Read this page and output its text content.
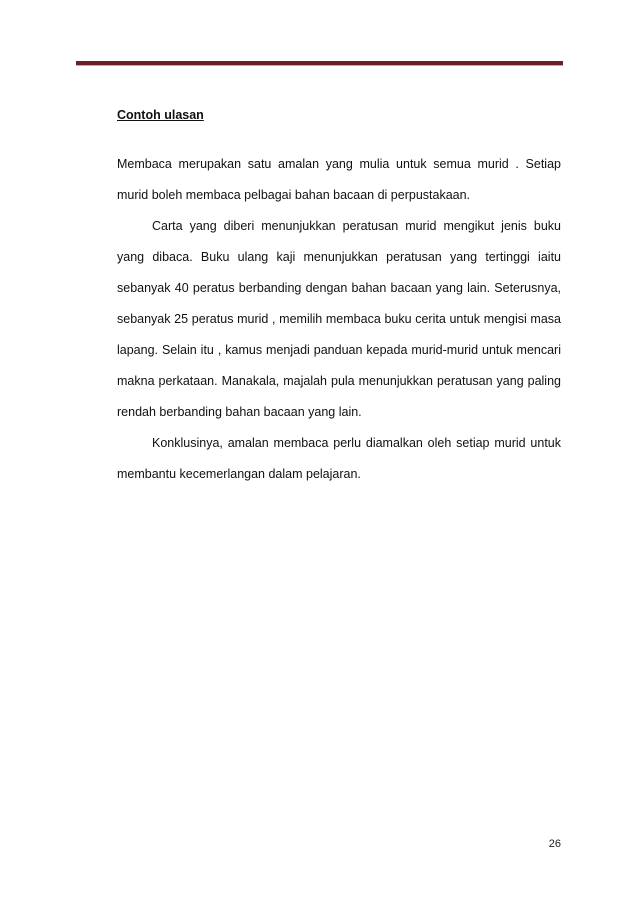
Contoh ulasan

Membaca merupakan satu amalan yang mulia untuk semua murid . Setiap murid boleh membaca pelbagai bahan bacaan di perpustakaan.

Carta yang diberi menunjukkan peratusan murid mengikut jenis buku yang dibaca. Buku ulang kaji menunjukkan peratusan yang tertinggi iaitu sebanyak 40 peratus berbanding dengan bahan bacaan yang lain. Seterusnya, sebanyak 25 peratus murid , memilih membaca buku cerita untuk mengisi masa lapang. Selain itu , kamus menjadi panduan kepada murid-murid untuk mencari makna perkataan. Manakala, majalah pula menunjukkan peratusan yang paling rendah berbanding bahan bacaan yang lain.

Konklusinya, amalan membaca perlu diamalkan oleh setiap murid untuk membantu kecemerlangan dalam pelajaran.

26
